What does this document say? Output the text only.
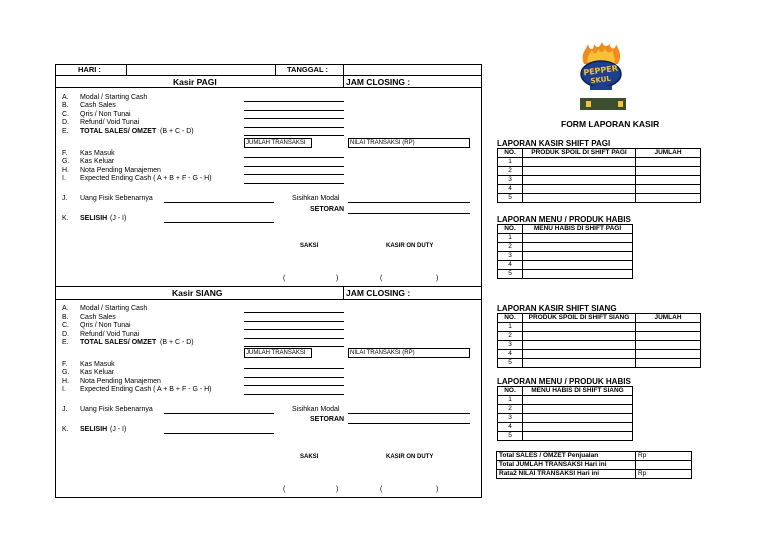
HARI :	TANGGAL :
Kasir PAGI	JAM CLOSING :
A. Modal / Starting Cash
B. Cash Sales
C. Qris / Non Tunai
D. Refund/ Void Tunai
E. TOTAL SALES/ OMZET (B + C - D)
JUMLAH TRANSAKSI	NILAI TRANSAKSI (RP)
F. Kas Masuk
G. Kas Keluar
H. Nota Pending Manajemen
I. Expected Ending Cash ( A + B + F - G - H)
J. Uang Fisik Sebenarnya	Sisihkan Modal
SETORAN
K. SELISIH (J - I)
SAKSI	KASIR ON DUTY
(	)	(	)
Kasir SIANG	JAM CLOSING :
A. Modal / Starting Cash
B. Cash Sales
C. Qris / Non Tunai
D. Refund/ Void Tunai
E. TOTAL SALES/ OMZET (B + C - D)
JUMLAH TRANSAKSI	NILAI TRANSAKSI (RP)
F. Kas Masuk
G. Kas Keluar
H. Nota Pending Manajemen
I. Expected Ending Cash ( A + B + F - G - H)
J. Uang Fisik Sebenarnya	Sisihkan Modal
SETORAN
K. SELISIH (J - I)
SAKSI	KASIR ON DUTY
(	)	(	)
PEPPER
SKUL
FORM LAPORAN KASIR
LAPORAN KASIR SHIFT PAGI
NO.	PRODUK SPOIL DI SHIFT PAGI	JUMLAH
1		
2		
3		
4		
5		
LAPORAN MENU / PRODUK HABIS
NO.	MENU HABIS DI SHIFT PAGI
1	
2	
3	
4	
5	
LAPORAN KASIR SHIFT SIANG
NO.	PRODUK SPOIL DI SHIFT SIANG	JUMLAH
1		
2		
3		
4		
5		
LAPORAN MENU / PRODUK HABIS
NO.	MENU HABIS DI SHIFT SIANG
1	
2	
3	
4	
5	
Total SALES / OMZET Penjualan	Rp
Total JUMLAH TRANSAKSI Hari ini	
Rata2 NILAI TRANSAKSI Hari ini	Rp
